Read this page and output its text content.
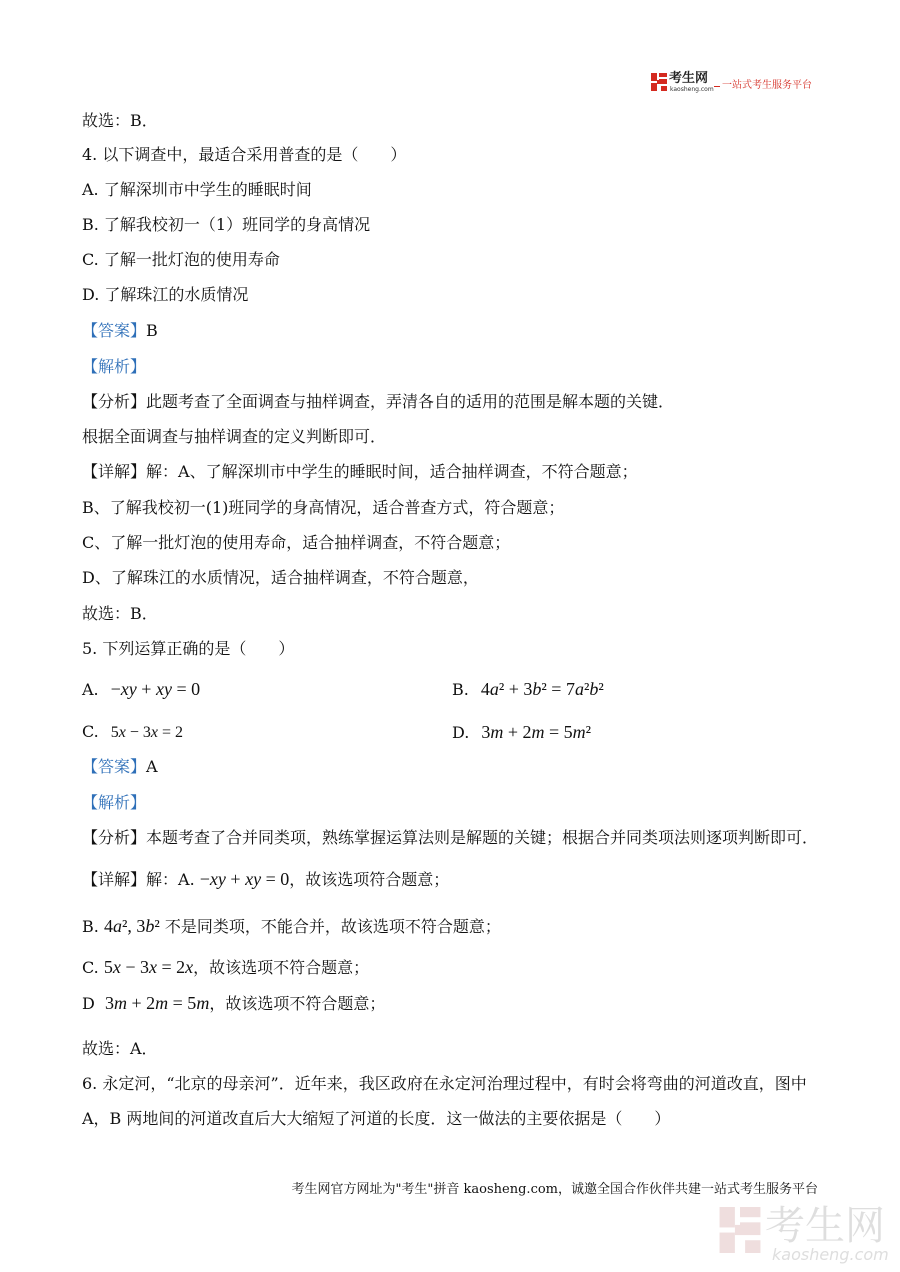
考生网
kaosheng.com 一站式考生服务平台
故选：B．
4. 以下调查中，最适合采用普查的是（　　）
A. 了解深圳市中学生的睡眠时间
B. 了解我校初一（1）班同学的身高情况
C. 了解一批灯泡的使用寿命
D. 了解珠江的水质情况
【答案】B
【解析】
【分析】此题考查了全面调查与抽样调查，弄清各自的适用的范围是解本题的关键．
根据全面调查与抽样调查的定义判断即可．
【详解】解：A、了解深圳市中学生的睡眠时间，适合抽样调查，不符合题意；
B、了解我校初一(1)班同学的身高情况，适合普查方式，符合题意；
C、了解一批灯泡的使用寿命，适合抽样调查，不符合题意；
D、了解珠江的水质情况，适合抽样调查，不符合题意，
故选：B．
5. 下列运算正确的是（　　）
A. −xy + xy = 0	B. 4a² + 3b² = 7a²b²
C. 5x − 3x = 2	D. 3m + 2m = 5m²
【答案】A
【解析】
【分析】本题考查了合并同类项，熟练掌握运算法则是解题的关键；根据合并同类项法则逐项判断即可．
【详解】解：A. −xy + xy = 0，故该选项符合题意；
B. 4a², 3b² 不是同类项，不能合并，故该选项不符合题意；
C. 5x − 3x = 2x，故该选项不符合题意；
D  3m + 2m = 5m，故该选项不符合题意；
故选：A．
6. 永定河，“北京的母亲河”．近年来，我区政府在永定河治理过程中，有时会将弯曲的河道改直，图中
A，B 两地间的河道改直后大大缩短了河道的长度．这一做法的主要依据是（　　）
考生网官方网址为"考生"拼音 kaosheng.com，诚邀全国合作伙伴共建一站式考生服务平台
考生网
kaosheng.com
